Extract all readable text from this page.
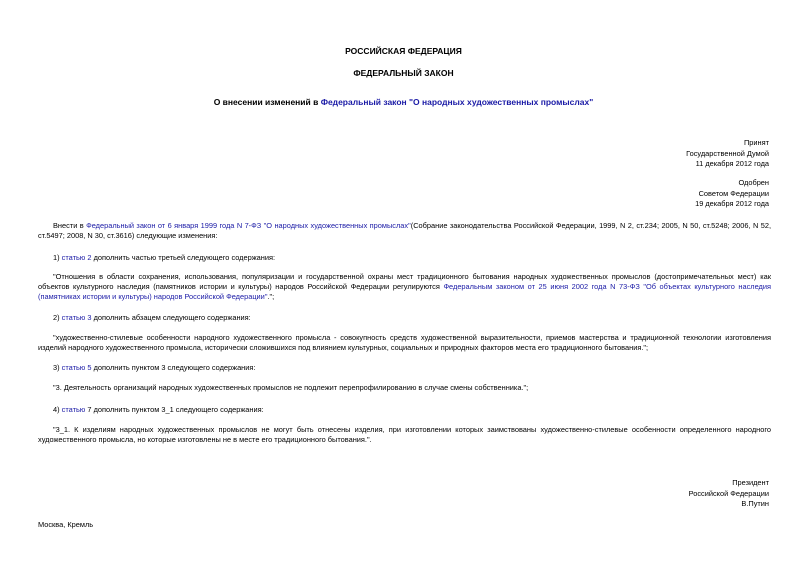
РОССИЙСКАЯ ФЕДЕРАЦИЯ
ФЕДЕРАЛЬНЫЙ ЗАКОН
О внесении изменений в Федеральный закон "О народных художественных промыслах"
Принят
Государственной Думой
11 декабря 2012 года
Одобрен
Советом Федерации
19 декабря 2012 года
Внести в Федеральный закон от 6 января 1999 года N 7-ФЗ "О народных художественных промыслах"(Собрание законодательства Российской Федерации, 1999, N 2, ст.234; 2005, N 50, ст.5248; 2006, N 52, ст.5497; 2008, N 30, ст.3616) следующие изменения:
1) статью 2 дополнить частью третьей следующего содержания:
"Отношения в области сохранения, использования, популяризации и государственной охраны мест традиционного бытования народных художественных промыслов (достопримечательных мест) как объектов культурного наследия (памятников истории и культуры) народов Российской Федерации регулируются Федеральным законом от 25 июня 2002 года N 73-ФЗ "Об объектах культурного наследия (памятниках истории и культуры) народов Российской Федерации".";
2) статью 3 дополнить абзацем следующего содержания:
"художественно-стилевые особенности народного художественного промысла - совокупность средств художественной выразительности, приемов мастерства и традиционной технологии изготовления изделий народного художественного промысла, исторически сложившихся под влиянием культурных, социальных и природных факторов места его традиционного бытования.";
3) статью 5 дополнить пунктом 3 следующего содержания:
"3. Деятельность организаций народных художественных промыслов не подлежит перепрофилированию в случае смены собственника.";
4) статью 7 дополнить пунктом 3_1 следующего содержания:
"3_1. К изделиям народных художественных промыслов не могут быть отнесены изделия, при изготовлении которых заимствованы художественно-стилевые особенности определенного народного художественного промысла, но которые изготовлены не в месте его традиционного бытования.".
Президент
Российской Федерации
В.Путин
Москва, Кремль
